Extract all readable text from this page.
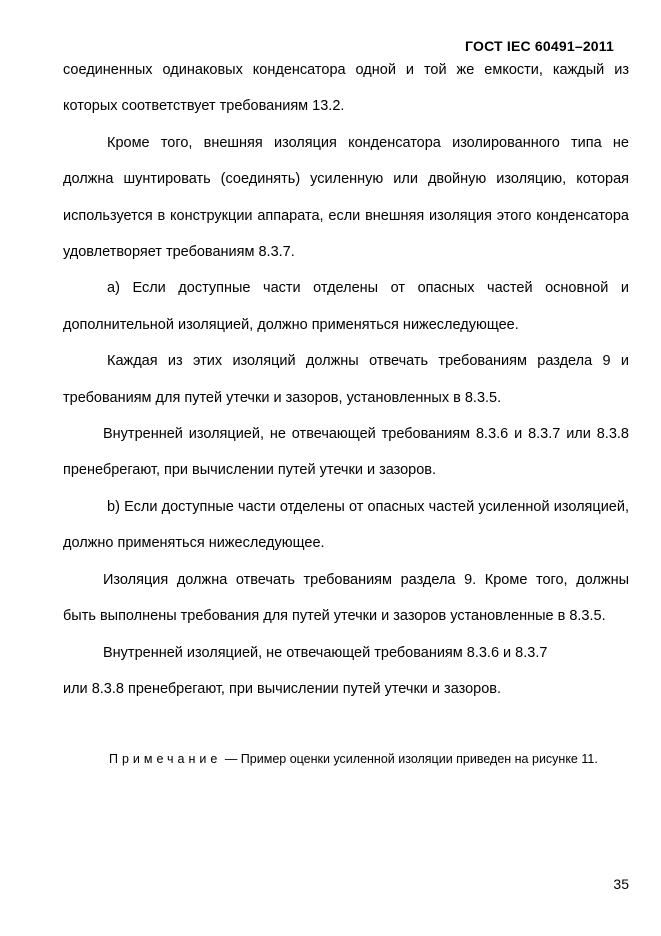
ГОСТ IEC 60491–2011

соединенных одинаковых конденсатора одной и той же емкости, каждый из которых соответствует требованиям 13.2.

Кроме того, внешняя изоляция конденсатора изолированного типа не должна шунтировать (соединять) усиленную или двойную изоляцию, которая используется в конструкции аппарата, если внешняя изоляция этого конденсатора удовлетворяет требованиям 8.3.7.

а) Если доступные части отделены от опасных частей основной и дополнительной изоляцией, должно применяться нижеследующее.

Каждая из этих изоляций должны отвечать требованиям раздела 9 и требованиям для путей утечки и зазоров, установленных в 8.3.5.

Внутренней изоляцией, не отвечающей требованиям 8.3.6 и 8.3.7 или 8.3.8 пренебрегают, при вычислении путей утечки и зазоров.

b) Если доступные части отделены от опасных частей усиленной изоляцией, должно применяться нижеследующее.

Изоляция должна отвечать требованиям раздела 9. Кроме того, должны быть выполнены требования для путей утечки и зазоров установленные в 8.3.5.

Внутренней изоляцией, не отвечающей требованиям 8.3.6 и 8.3.7

или 8.3.8 пренебрегают, при вычислении путей утечки и зазоров.

Примечание — Пример оценки усиленной изоляции приведен на рисунке 11.
35
